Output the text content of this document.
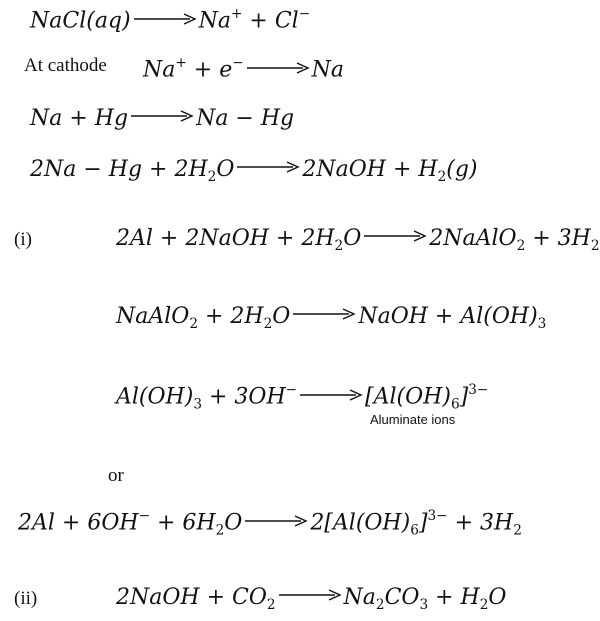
NaCl(aq) → Na+ + Cl−
At cathode Na+ + e− → Na
Na + Hg → Na − Hg
$2Na - Hg + 2H_2O$ → 2NaOH + $H_2(g)$
(i)	2Al + 2NaOH + $2H_2O$ → 2NaAlO$_2$ + $3H_2$
NaAlO$_2$ + $2H_2O$ → NaOH + $Al(OH)_3$
$Al(OH)_3 + 3OH^- \to [Al(OH)_6]^{3-}$
Aluminate ions
or
$2Al + 6OH^- + 6H_2O \to 2[Al(OH)_6]^{3-} + 3H_2$
(ii)	2NaOH + $CO_2 \to Na_2CO_3 + H_2O$
